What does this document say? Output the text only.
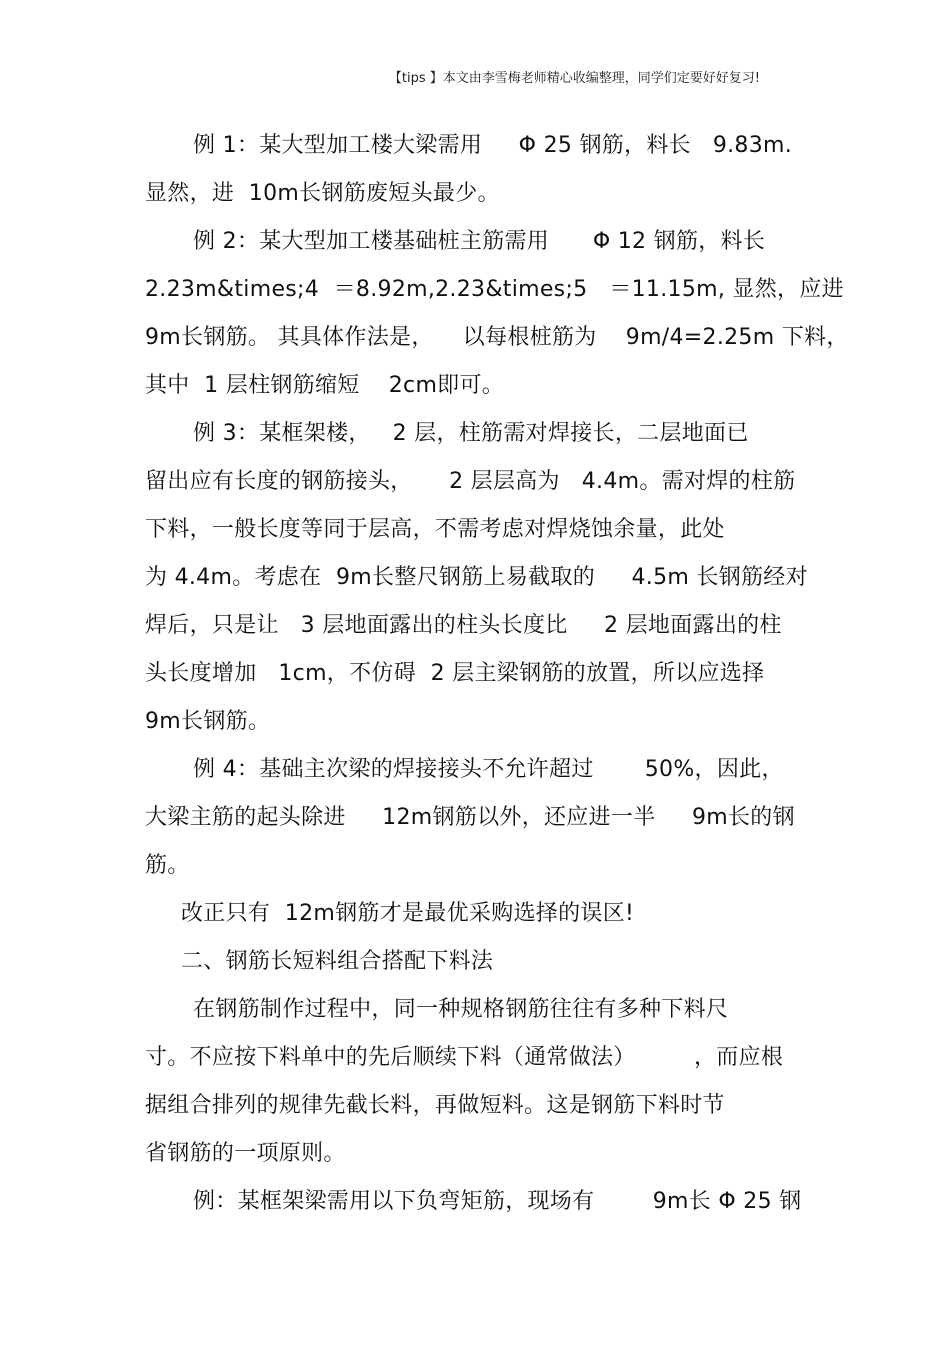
【tips 】本文由李雪梅老师精心收编整理，同学们定要好好复习!
例 1：某大型加工楼大梁需用     Φ 25 钢筋，料长   9.83m.
显然，进  10m长钢筋废短头最少。
例 2：某大型加工楼基础桩主筋需用      Φ 12 钢筋，料长
2.23m&times;4  ＝8.92m,2.23&times;5   ＝11.15m, 显然，应进
9m长钢筋。 其具体作法是，    以每根桩筋为    9m/4=2.25m 下料，
其中  1 层柱钢筋缩短    2cm即可。
例 3：某框架楼，   2 层，柱筋需对焊接长，二层地面已
留出应有长度的钢筋接头，     2 层层高为   4.4m。需对焊的柱筋
下料，一般长度等同于层高，不需考虑对焊烧蚀余量，此处
为 4.4m。考虑在  9m长整尺钢筋上易截取的     4.5m 长钢筋经对
焊后，只是让   3 层地面露出的柱头长度比     2 层地面露出的柱
头长度增加   1cm，不仿碍  2 层主梁钢筋的放置，所以应选择
9m长钢筋。
例 4：基础主次梁的焊接接头不允许超过       50%，因此，
大梁主筋的起头除进     12m钢筋以外，还应进一半     9m长的钢
筋。
改正只有  12m钢筋才是最优采购选择的误区!
二、钢筋长短料组合搭配下料法
在钢筋制作过程中，同一种规格钢筋往往有多种下料尺
寸。不应按下料单中的先后顺续下料（通常做法）        ，而应根
据组合排列的规律先截长料，再做短料。这是钢筋下料时节
省钢筋的一项原则。
例：某框架梁需用以下负弯矩筋，现场有        9m长 Φ 25 钢
